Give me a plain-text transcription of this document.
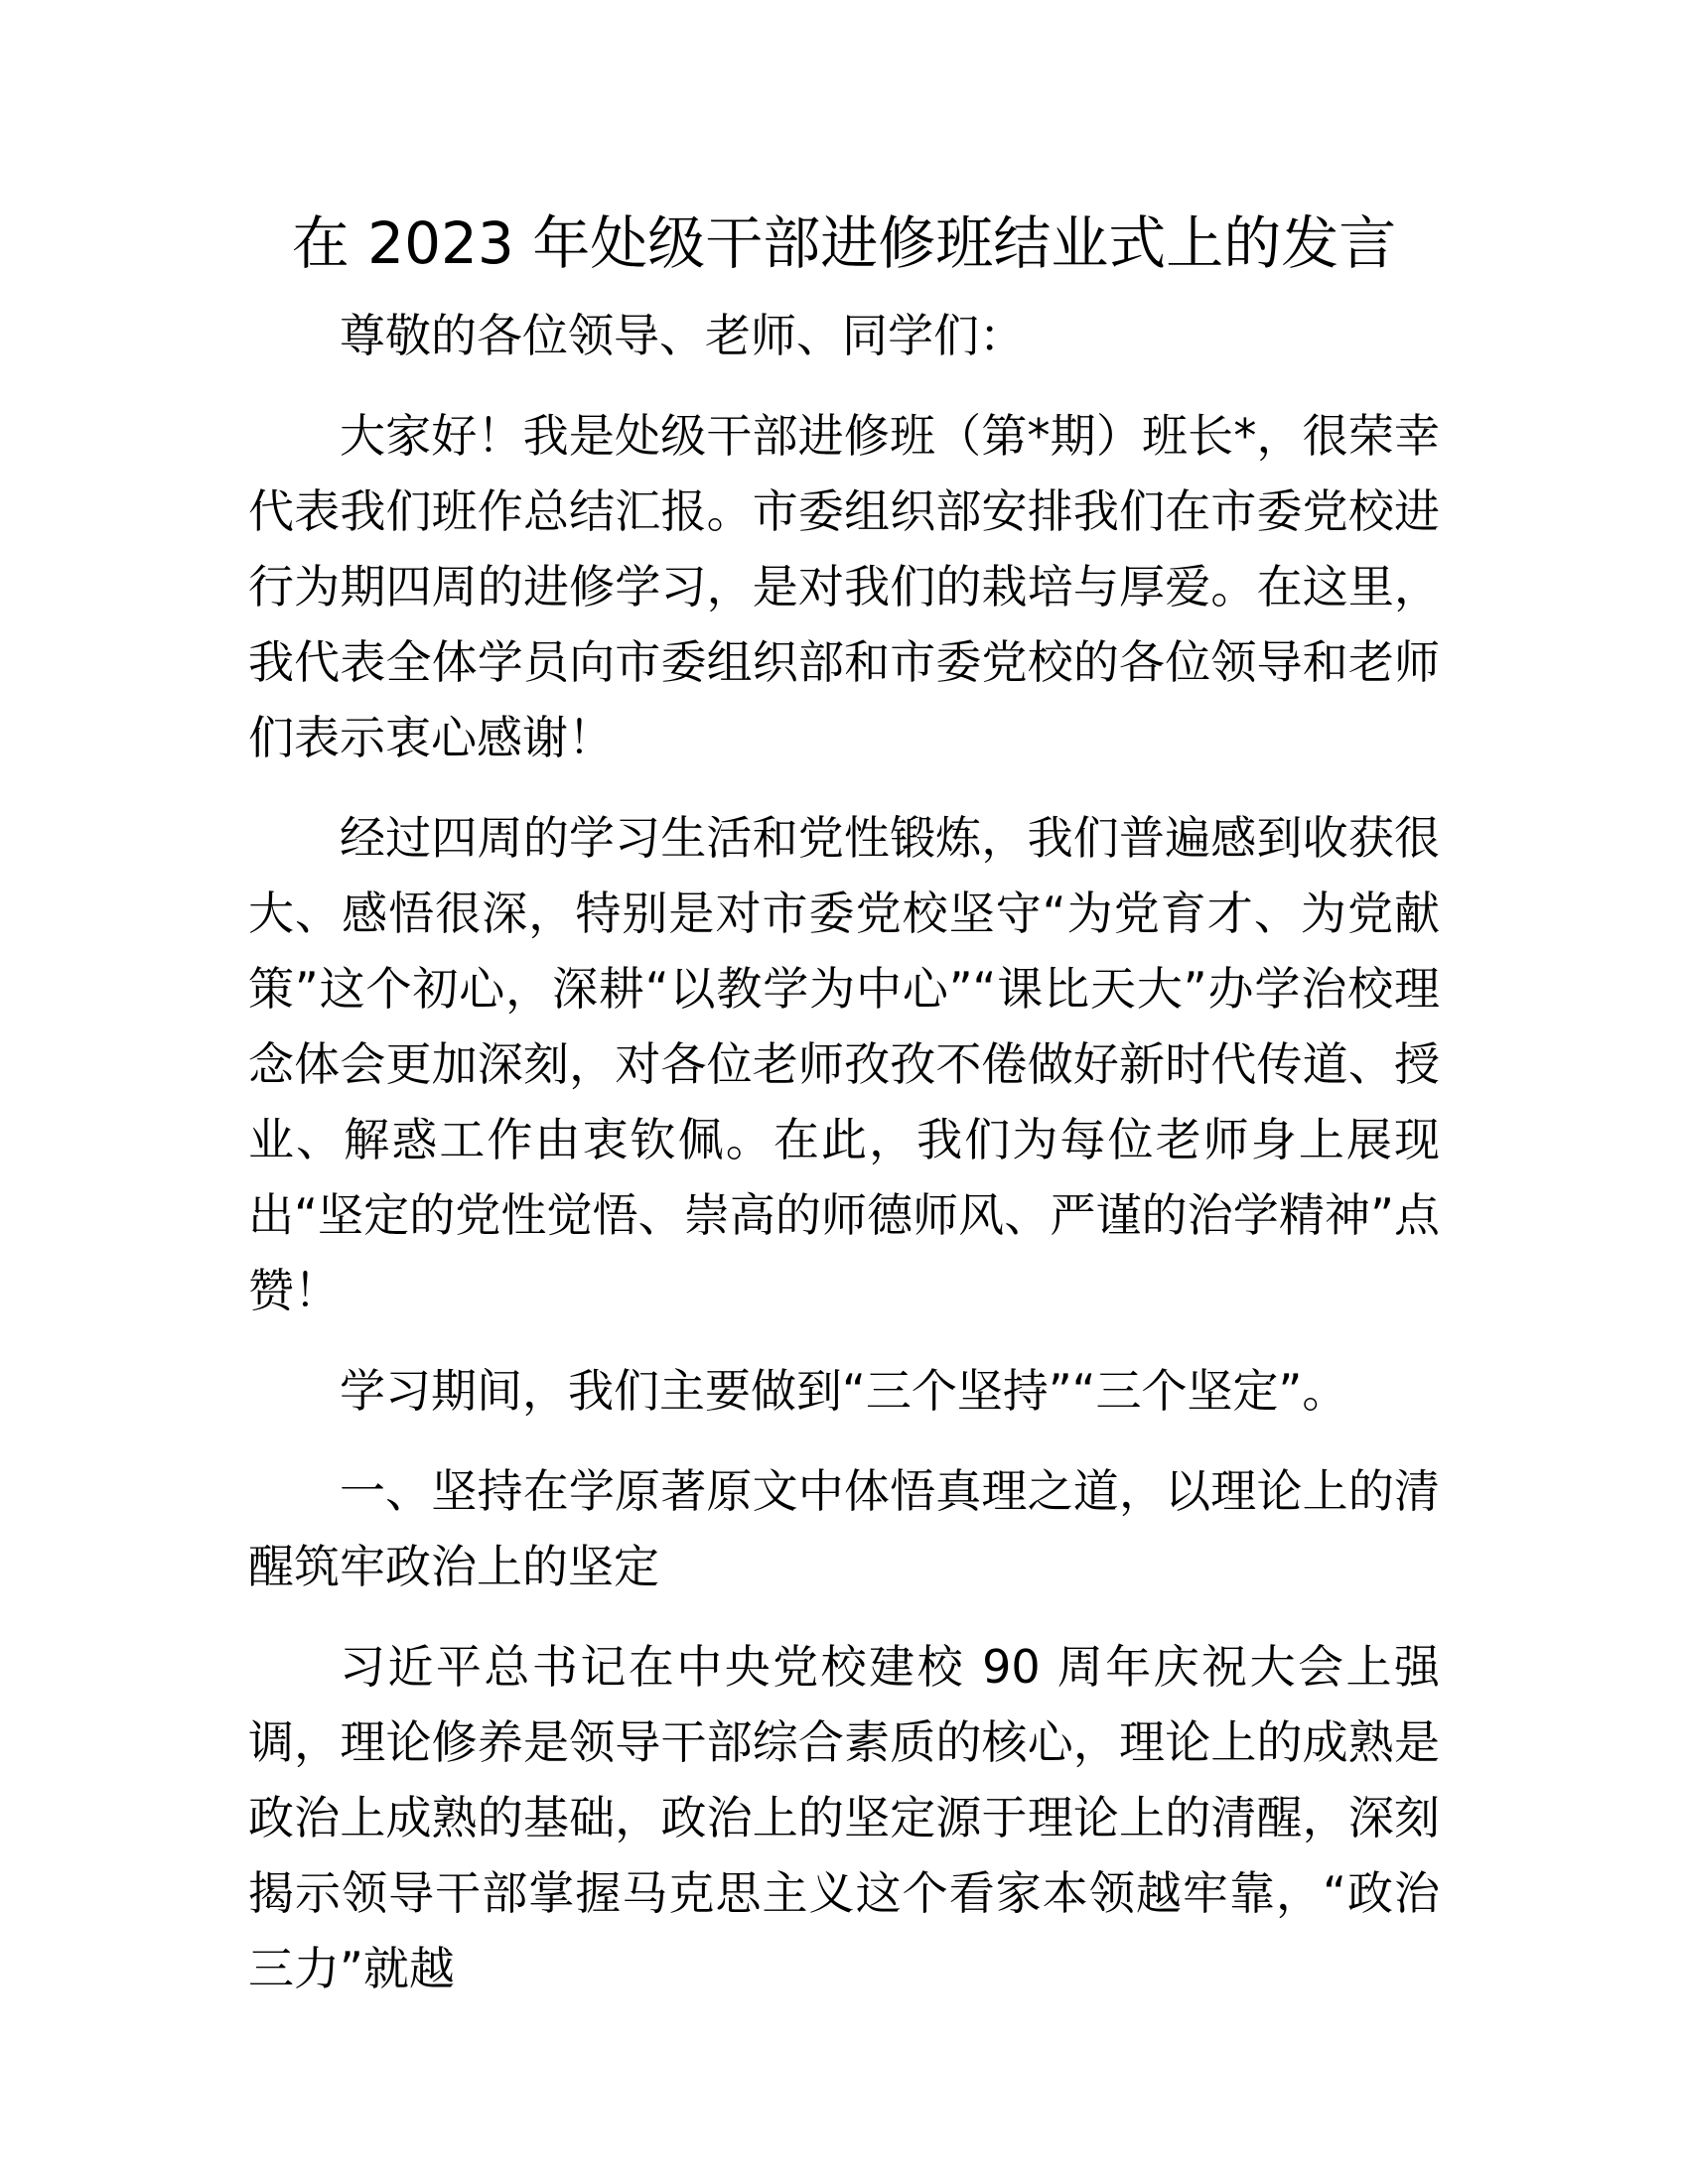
在 2023 年处级干部进修班结业式上的发言

尊敬的各位领导、老师、同学们：

大家好！我是处级干部进修班（第*期）班长*，很荣幸代表我们班作总结汇报。市委组织部安排我们在市委党校进行为期四周的进修学习，是对我们的栽培与厚爱。在这里，我代表全体学员向市委组织部和市委党校的各位领导和老师们表示衷心感谢！

经过四周的学习生活和党性锻炼，我们普遍感到收获很大、感悟很深，特别是对市委党校坚守“为党育才、为党献策”这个初心，深耕“以教学为中心”“课比天大”办学治校理念体会更加深刻，对各位老师孜孜不倦做好新时代传道、授业、解惑工作由衷钦佩。在此，我们为每位老师身上展现出“坚定的党性觉悟、崇高的师德师风、严谨的治学精神”点赞！

学习期间，我们主要做到“三个坚持”“三个坚定”。

一、坚持在学原著原文中体悟真理之道，以理论上的清醒筑牢政治上的坚定

习近平总书记在中央党校建校 90 周年庆祝大会上强调，理论修养是领导干部综合素质的核心，理论上的成熟是政治上成熟的基础，政治上的坚定源于理论上的清醒，深刻揭示领导干部掌握马克思主义这个看家本领越牢靠，“政治三力”就越
